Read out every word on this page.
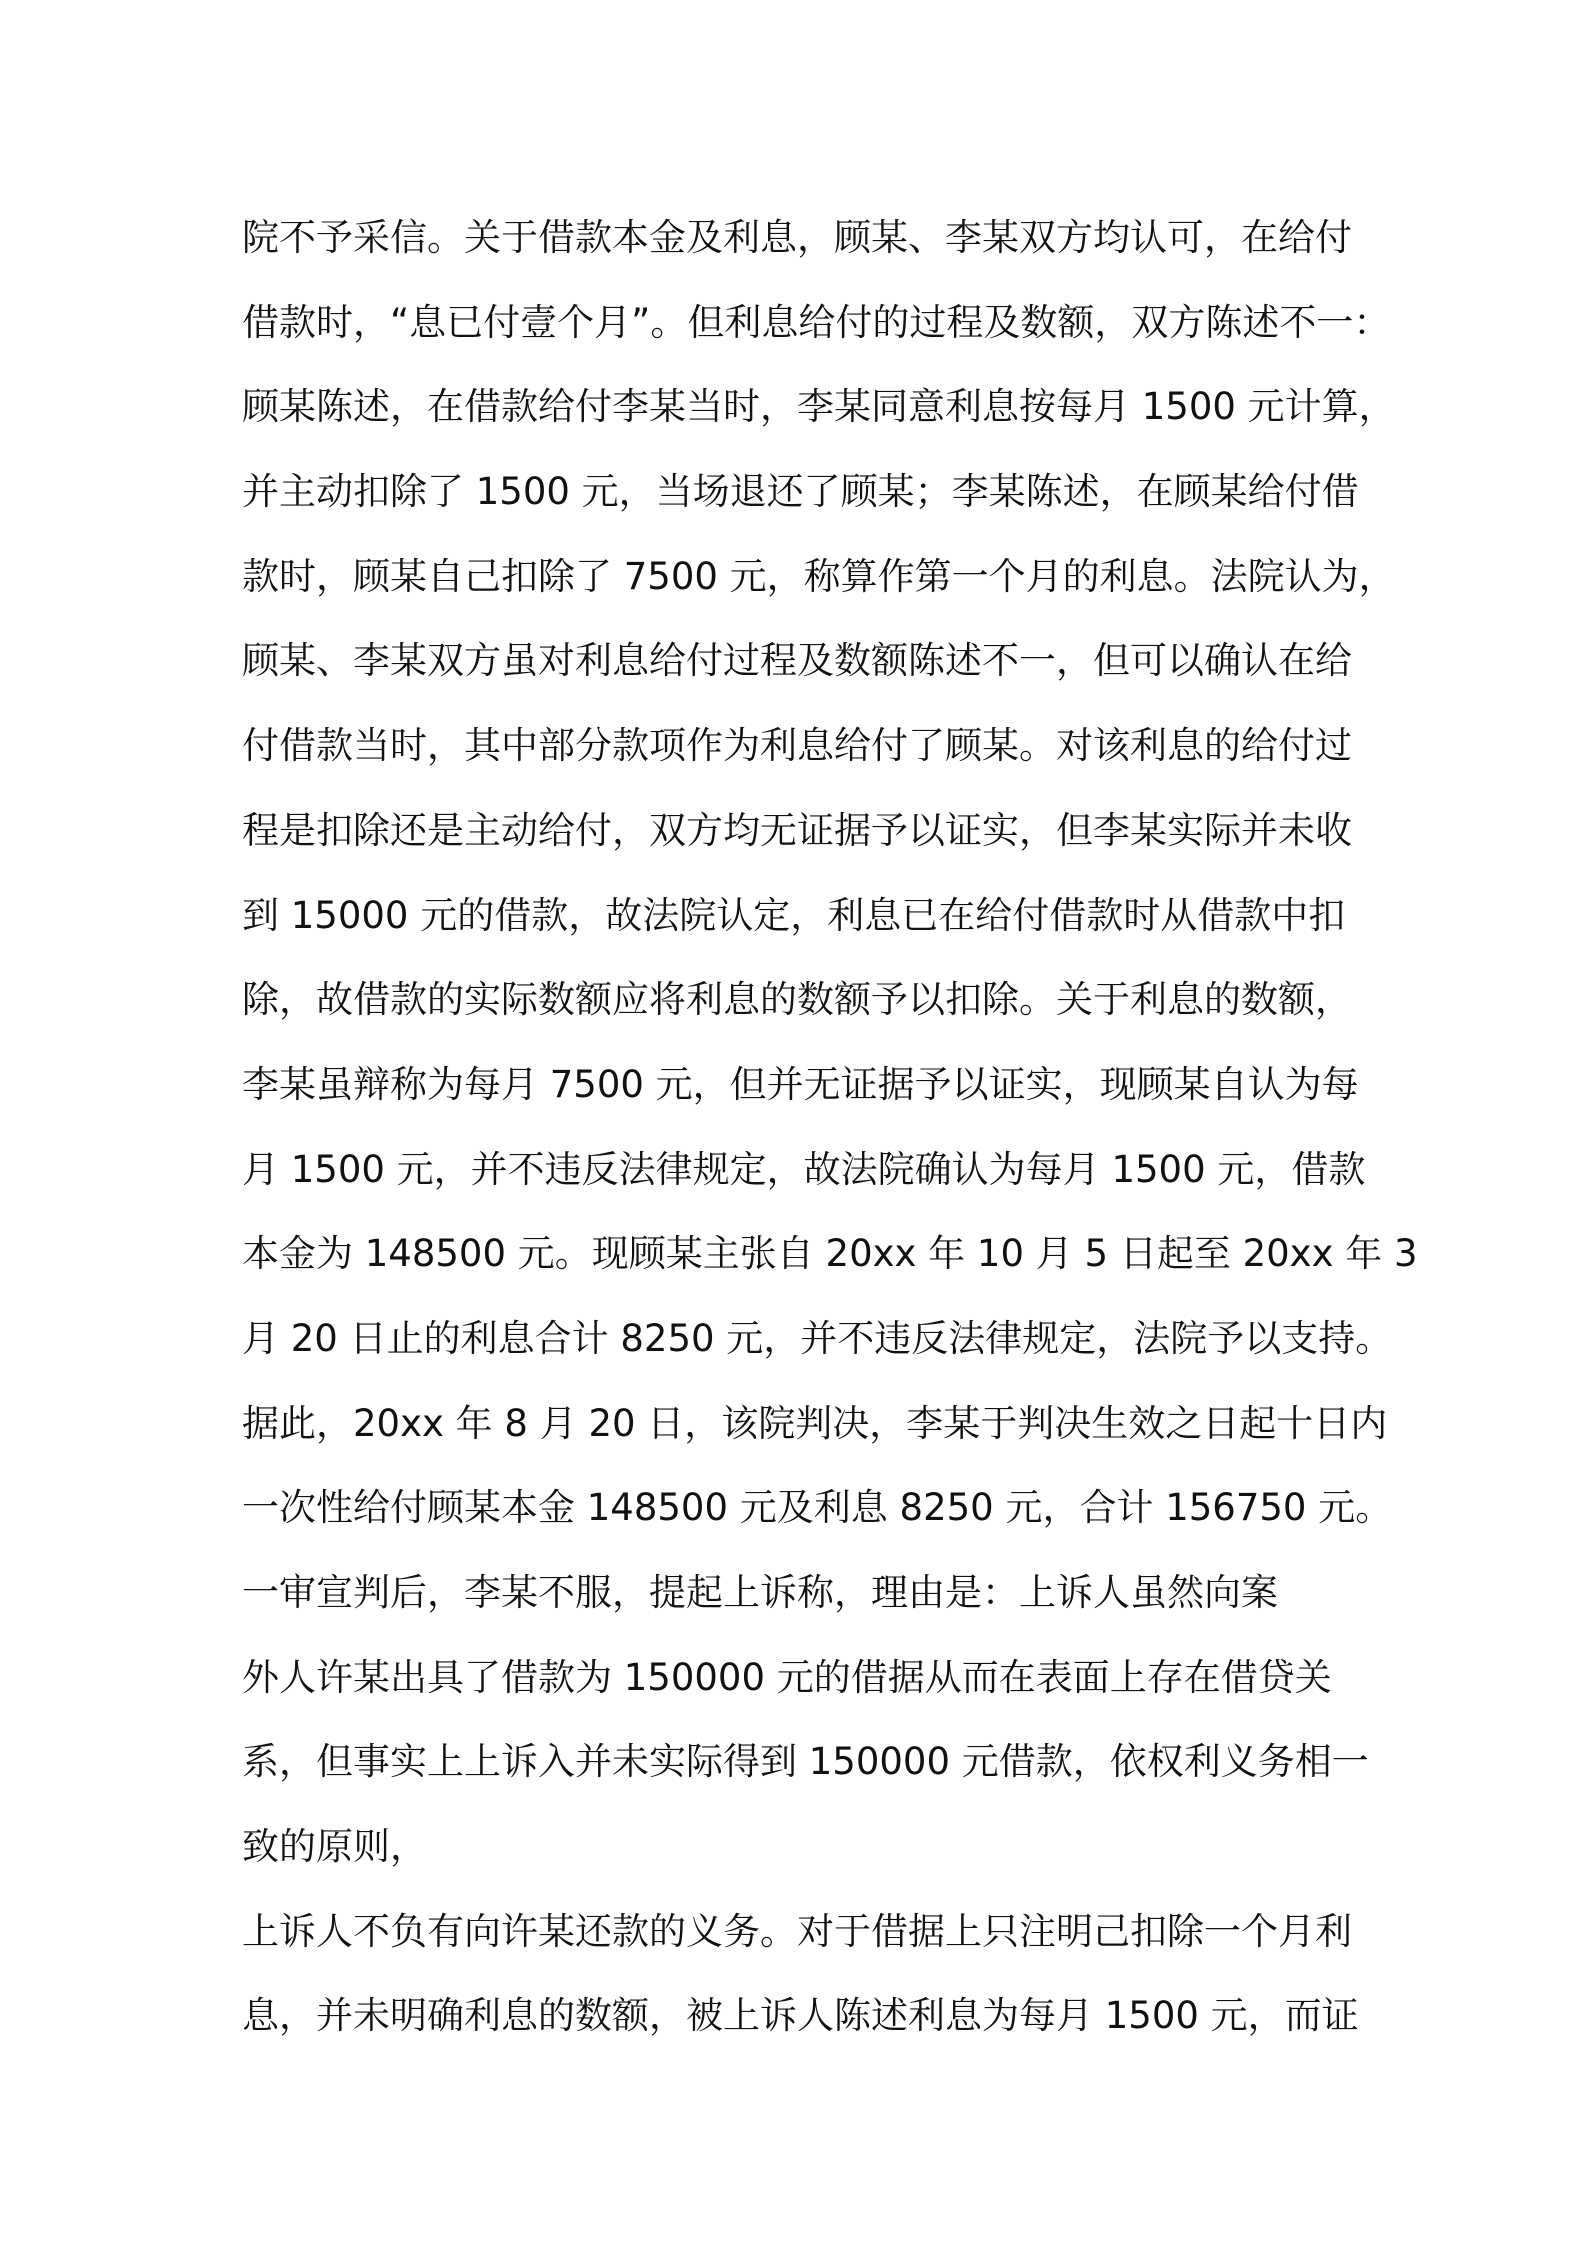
院不予采信。关于借款本金及利息，顾某、李某双方均认可，在给付
借款时，“息已付壹个月”。但利息给付的过程及数额，双方陈述不一：
顾某陈述，在借款给付李某当时，李某同意利息按每月 1500 元计算，
并主动扣除了 1500 元，当场退还了顾某；李某陈述，在顾某给付借
款时，顾某自己扣除了 7500 元，称算作第一个月的利息。法院认为，
顾某、李某双方虽对利息给付过程及数额陈述不一，但可以确认在给
付借款当时，其中部分款项作为利息给付了顾某。对该利息的给付过
程是扣除还是主动给付，双方均无证据予以证实，但李某实际并未收
到 15000 元的借款，故法院认定，利息已在给付借款时从借款中扣
除，故借款的实际数额应将利息的数额予以扣除。关于利息的数额，
李某虽辩称为每月 7500 元，但并无证据予以证实，现顾某自认为每
月 1500 元，并不违反法律规定，故法院确认为每月 1500 元，借款
本金为 148500 元。现顾某主张自 20xx 年 10 月 5 日起至 20xx 年 3
月 20 日止的利息合计 8250 元，并不违反法律规定，法院予以支持。
据此，20xx 年 8 月 20 日，该院判决，李某于判决生效之日起十日内
一次性给付顾某本金 148500 元及利息 8250 元，合计 156750 元。
一审宣判后，李某不服，提起上诉称，理由是：上诉人虽然向案
外人许某出具了借款为 150000 元的借据从而在表面上存在借贷关
系，但事实上上诉入并未实际得到 150000 元借款，依权利义务相一
致的原则，
上诉人不负有向许某还款的义务。对于借据上只注明己扣除一个月利
息，并未明确利息的数额，被上诉人陈述利息为每月 1500 元，而证
